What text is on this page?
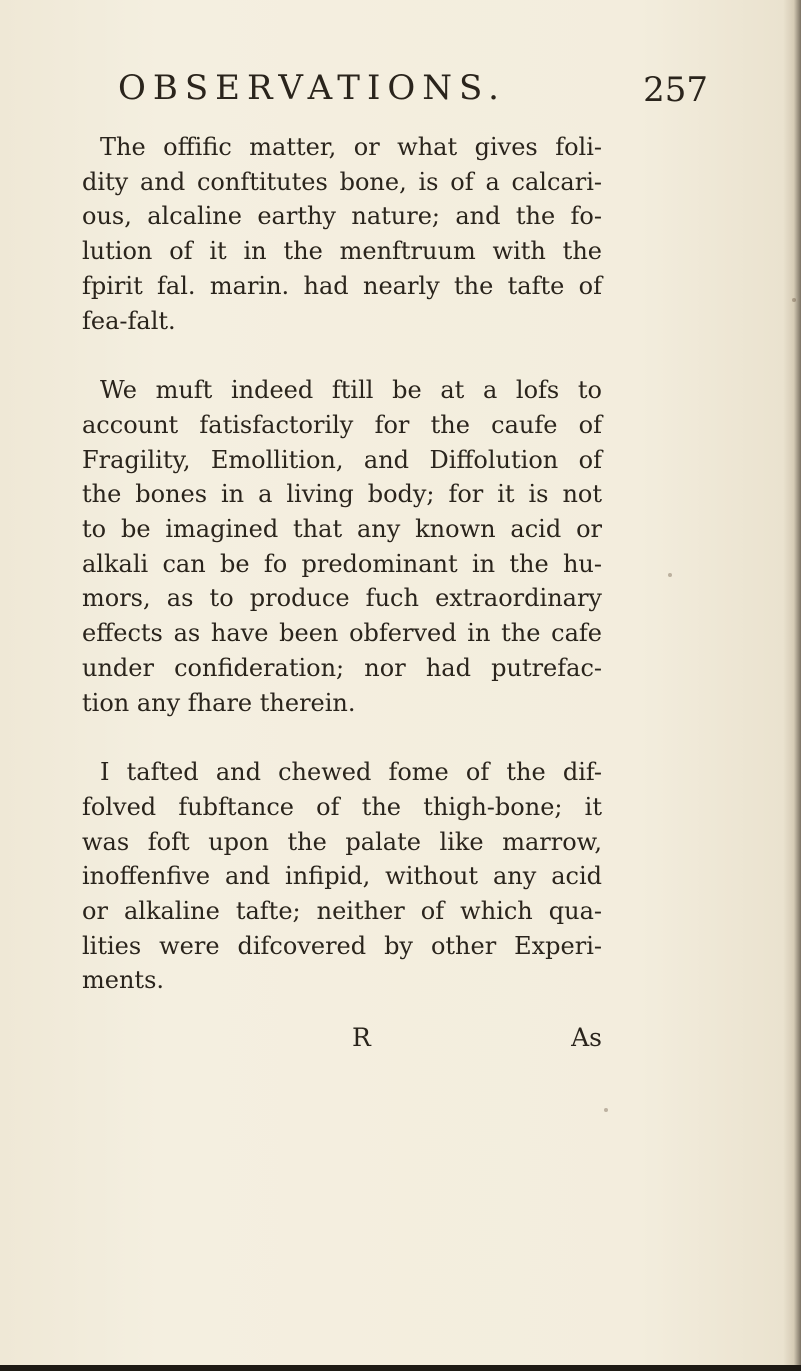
OBSERVATIONS.	257

The offific matter, or what gives foli-
dity and conftitutes bone, is of a calcari-
ous, alcaline earthy nature; and the fo-
lution of it in the menftruum with the
fpirit fal. marin. had nearly the tafte of
fea-falt.

We muft indeed ftill be at a lofs to
account fatisfactorily for the caufe of
Fragility, Emollition, and Diffolution of
the bones in a living body; for it is not
to be imagined that any known acid or
alkali can be fo predominant in the hu-
mors, as to produce fuch extraordinary
effects as have been obferved in the cafe
under confideration; nor had putrefac-
tion any fhare therein.

I tafted and chewed fome of the dif-
folved fubftance of the thigh-bone; it
was foft upon the palate like marrow,
inoffenfive and infipid, without any acid
or alkaline tafte; neither of which qua-
lities were difcovered by other Experi-
ments.

R	As
